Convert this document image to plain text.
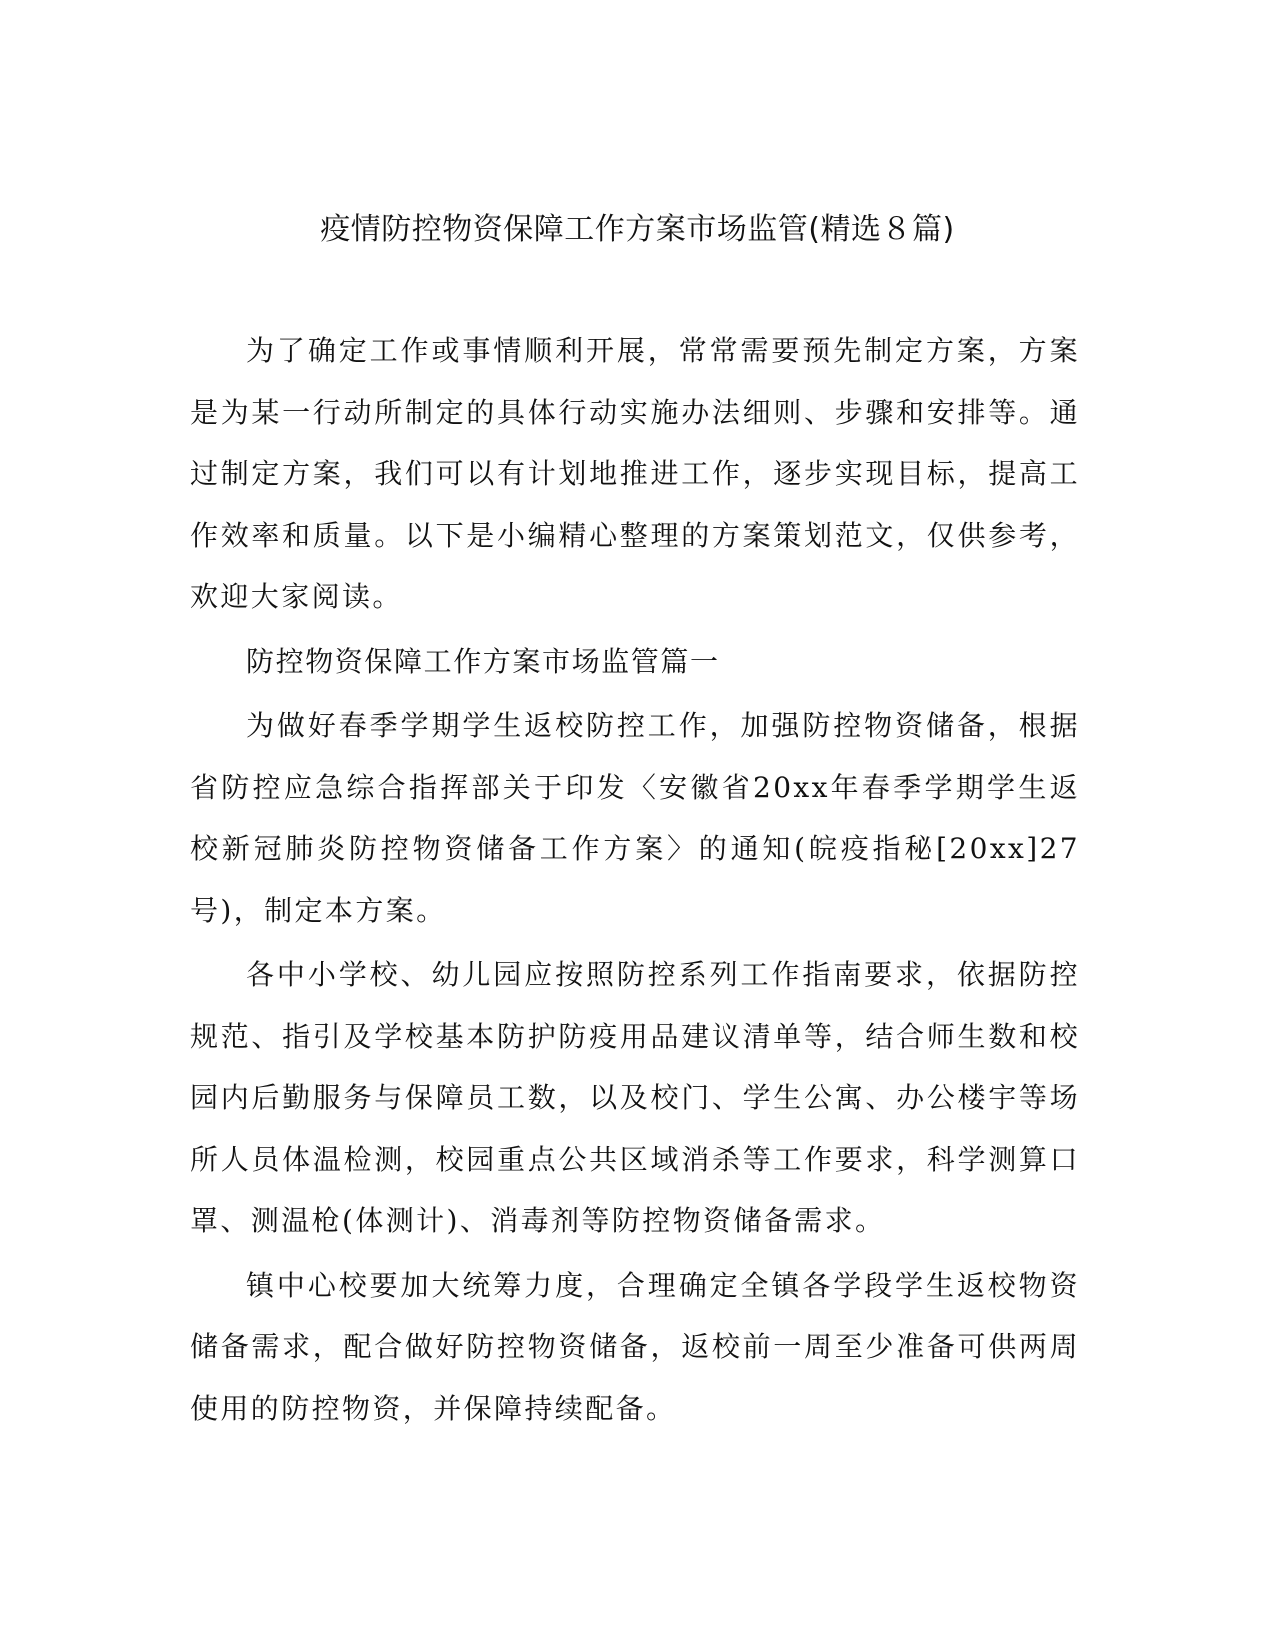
疫情防控物资保障工作方案市场监管(精选８篇)

为了确定工作或事情顺利开展，常常需要预先制定方案，方案是为某一行动所制定的具体行动实施办法细则、步骤和安排等。通过制定方案，我们可以有计划地推进工作，逐步实现目标，提高工作效率和质量。以下是小编精心整理的方案策划范文，仅供参考，欢迎大家阅读。

防控物资保障工作方案市场监管篇一

为做好春季学期学生返校防控工作，加强防控物资储备，根据省防控应急综合指挥部关于印发〈安徽省20xx年春季学期学生返校新冠肺炎防控物资储备工作方案〉的通知(皖疫指秘[20xx]27号)，制定本方案。

各中小学校、幼儿园应按照防控系列工作指南要求，依据防控规范、指引及学校基本防护防疫用品建议清单等，结合师生数和校园内后勤服务与保障员工数，以及校门、学生公寓、办公楼宇等场所人员体温检测，校园重点公共区域消杀等工作要求，科学测算口罩、测温枪(体测计)、消毒剂等防控物资储备需求。

镇中心校要加大统筹力度，合理确定全镇各学段学生返校物资储备需求，配合做好防控物资储备，返校前一周至少准备可供两周使用的防控物资，并保障持续配备。
